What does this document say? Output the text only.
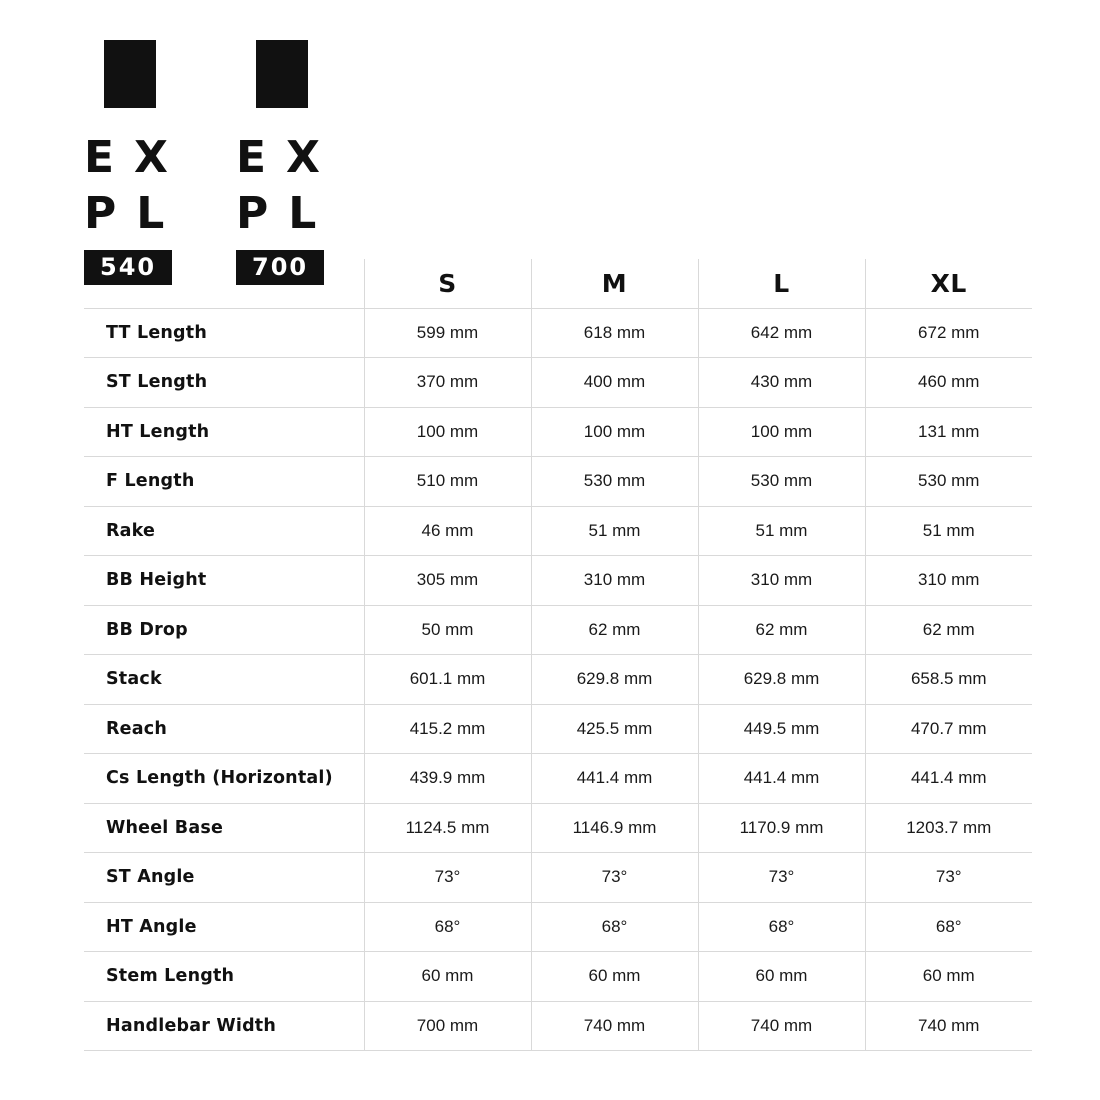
EX
PL
540
EX
PL
700
	S	M	L	XL
TT Length	599 mm	618 mm	642 mm	672 mm
ST Length	370 mm	400 mm	430 mm	460 mm
HT Length	100 mm	100 mm	100 mm	131 mm
F Length	510 mm	530 mm	530 mm	530 mm
Rake	46 mm	51 mm	51 mm	51 mm
BB Height	305 mm	310 mm	310 mm	310 mm
BB Drop	50 mm	62 mm	62 mm	62 mm
Stack	601.1 mm	629.8 mm	629.8 mm	658.5 mm
Reach	415.2 mm	425.5 mm	449.5 mm	470.7 mm
Cs Length (Horizontal)	439.9 mm	441.4 mm	441.4 mm	441.4 mm
Wheel Base	1124.5 mm	1146.9 mm	1170.9 mm	1203.7 mm
ST Angle	73°	73°	73°	73°
HT Angle	68°	68°	68°	68°
Stem Length	60 mm	60 mm	60 mm	60 mm
Handlebar Width	700 mm	740 mm	740 mm	740 mm
